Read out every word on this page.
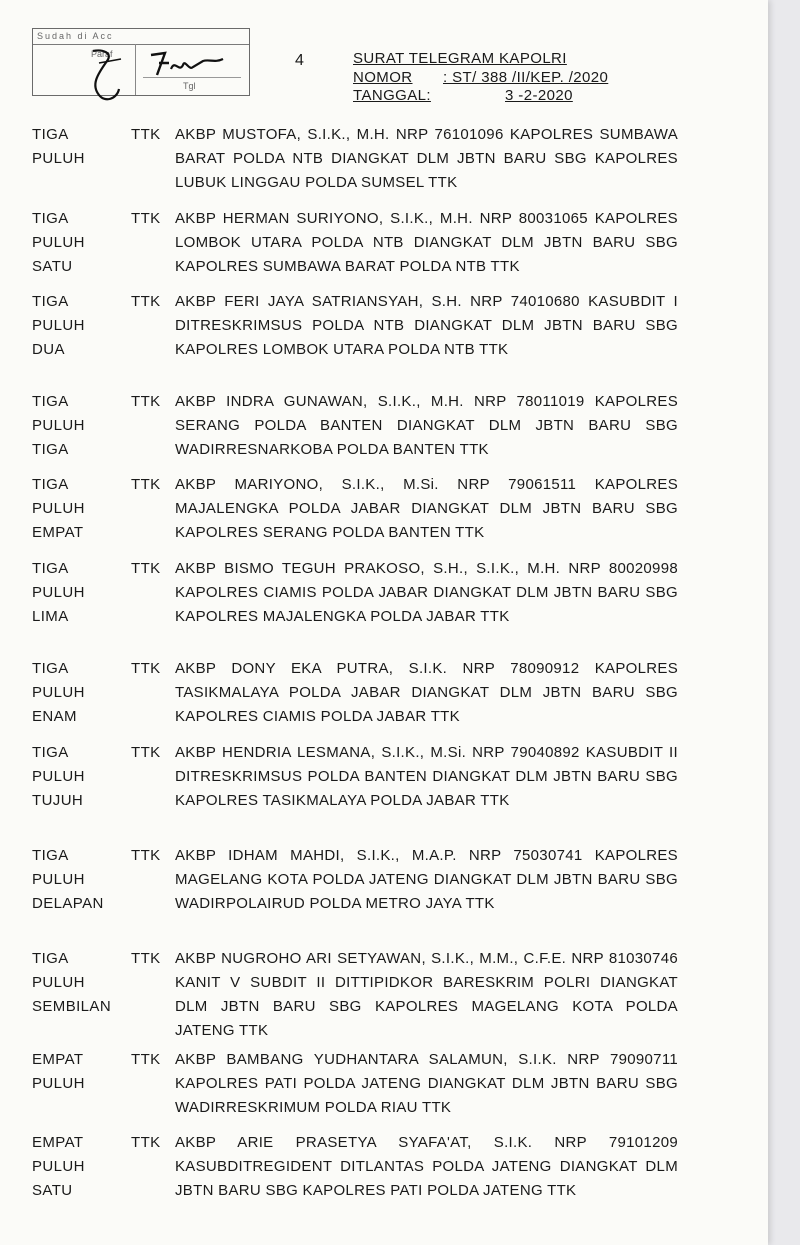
Sudah di Acc
Paraf
Tgl
4	SURAT TELEGRAM KAPOLRI
NOMOR	: ST/ 388 /II/KEP. /2020
TANGGAL:	3 -2-2020
TIGA
PULUH
TTK AKBP MUSTOFA, S.I.K., M.H. NRP 76101096 KAPOLRES SUMBAWA BARAT POLDA NTB DIANGKAT DLM JBTN BARU SBG KAPOLRES LUBUK LINGGAU POLDA SUMSEL TTK
TIGA
PULUH
SATU
TTK AKBP HERMAN SURIYONO, S.I.K., M.H. NRP 80031065 KAPOLRES LOMBOK UTARA POLDA NTB DIANGKAT DLM JBTN BARU SBG KAPOLRES SUMBAWA BARAT POLDA NTB TTK
TIGA
PULUH
DUA
TTK AKBP FERI JAYA SATRIANSYAH, S.H. NRP 74010680 KASUBDIT I DITRESKRIMSUS POLDA NTB DIANGKAT DLM JBTN BARU SBG KAPOLRES LOMBOK UTARA POLDA NTB TTK
TIGA
PULUH
TIGA
TTK AKBP INDRA GUNAWAN, S.I.K., M.H. NRP 78011019 KAPOLRES SERANG POLDA BANTEN DIANGKAT DLM JBTN BARU SBG WADIRRESNARKOBA POLDA BANTEN TTK
TIGA
PULUH
EMPAT
TTK AKBP MARIYONO, S.I.K., M.Si. NRP 79061511 KAPOLRES MAJALENGKA POLDA JABAR DIANGKAT DLM JBTN BARU SBG KAPOLRES SERANG POLDA BANTEN TTK
TIGA
PULUH
LIMA
TTK AKBP BISMO TEGUH PRAKOSO, S.H., S.I.K., M.H. NRP 80020998 KAPOLRES CIAMIS POLDA JABAR DIANGKAT DLM JBTN BARU SBG KAPOLRES MAJALENGKA POLDA JABAR TTK
TIGA
PULUH
ENAM
TTK AKBP DONY EKA PUTRA, S.I.K. NRP 78090912 KAPOLRES TASIKMALAYA POLDA JABAR DIANGKAT DLM JBTN BARU SBG KAPOLRES CIAMIS POLDA JABAR TTK
TIGA
PULUH
TUJUH
TTK AKBP HENDRIA LESMANA, S.I.K., M.Si. NRP 79040892 KASUBDIT II DITRESKRIMSUS POLDA BANTEN DIANGKAT DLM JBTN BARU SBG KAPOLRES TASIKMALAYA POLDA JABAR TTK
TIGA
PULUH
DELAPAN
TTK AKBP IDHAM MAHDI, S.I.K., M.A.P. NRP 75030741 KAPOLRES MAGELANG KOTA POLDA JATENG DIANGKAT DLM JBTN BARU SBG WADIRPOLAIRUD POLDA METRO JAYA TTK
TIGA
PULUH
SEMBILAN
TTK AKBP NUGROHO ARI SETYAWAN, S.I.K., M.M., C.F.E. NRP 81030746 KANIT V SUBDIT II DITTIPIDKOR BARESKRIM POLRI DIANGKAT DLM JBTN BARU SBG KAPOLRES MAGELANG KOTA POLDA JATENG TTK
EMPAT
PULUH
TTK AKBP BAMBANG YUDHANTARA SALAMUN, S.I.K. NRP 79090711 KAPOLRES PATI POLDA JATENG DIANGKAT DLM JBTN BARU SBG WADIRRESKRIMUM POLDA RIAU TTK
EMPAT
PULUH
SATU
TTK AKBP ARIE PRASETYA SYAFA'AT, S.I.K. NRP 79101209 KASUBDITREGIDENT DITLANTAS POLDA JATENG DIANGKAT DLM JBTN BARU SBG KAPOLRES PATI POLDA JATENG TTK
